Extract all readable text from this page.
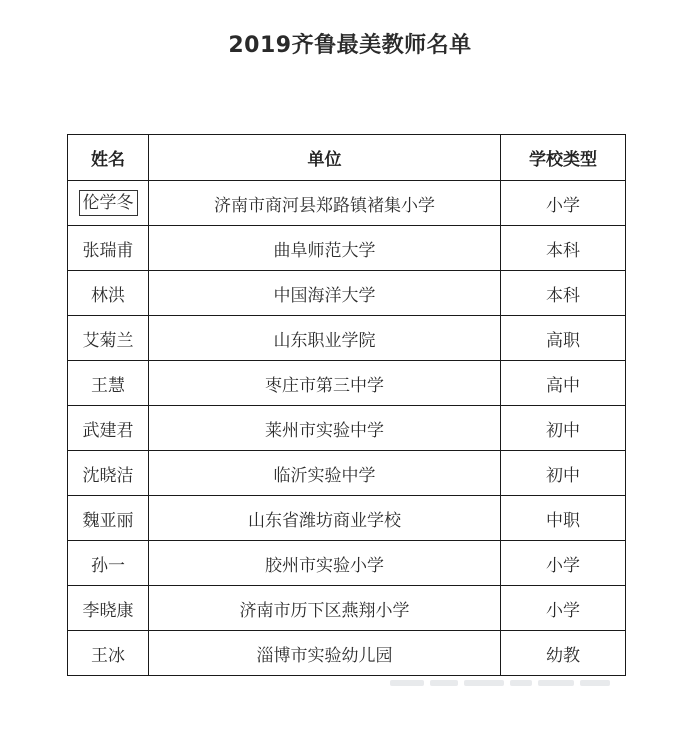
2019齐鲁最美教师名单
姓名	单位	学校类型
伦学冬	济南市商河县郑路镇褚集小学	小学
张瑞甫	曲阜师范大学	本科
林洪	中国海洋大学	本科
艾菊兰	山东职业学院	高职
王慧	枣庄市第三中学	高中
武建君	莱州市实验中学	初中
沈晓洁	临沂实验中学	初中
魏亚丽	山东省潍坊商业学校	中职
孙一	胶州市实验小学	小学
李晓康	济南市历下区燕翔小学	小学
王冰	淄博市实验幼儿园	幼教
